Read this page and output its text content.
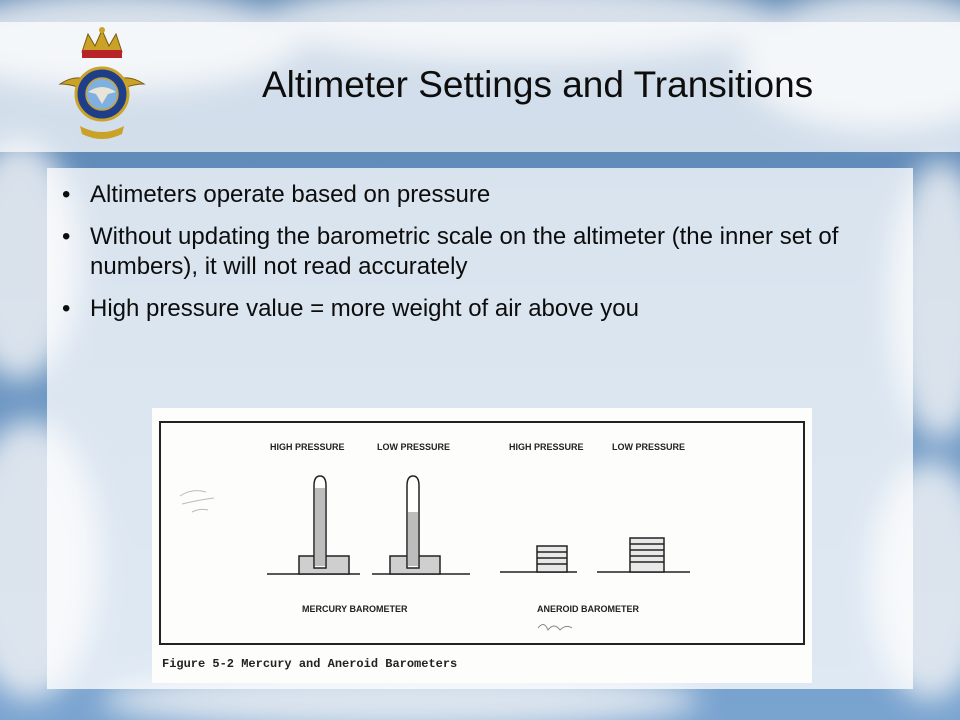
Altimeter Settings and Transitions
• Altimeters operate based on pressure
• Without updating the barometric scale on the altimeter (the inner set of numbers), it will not read accurately
• High pressure value = more weight of air above you
HIGH PRESSURE	LOW PRESSURE	HIGH PRESSURE	LOW PRESSURE
MERCURY BAROMETER	ANEROID BAROMETER
Figure 5-2 Mercury and Aneroid Barometers
